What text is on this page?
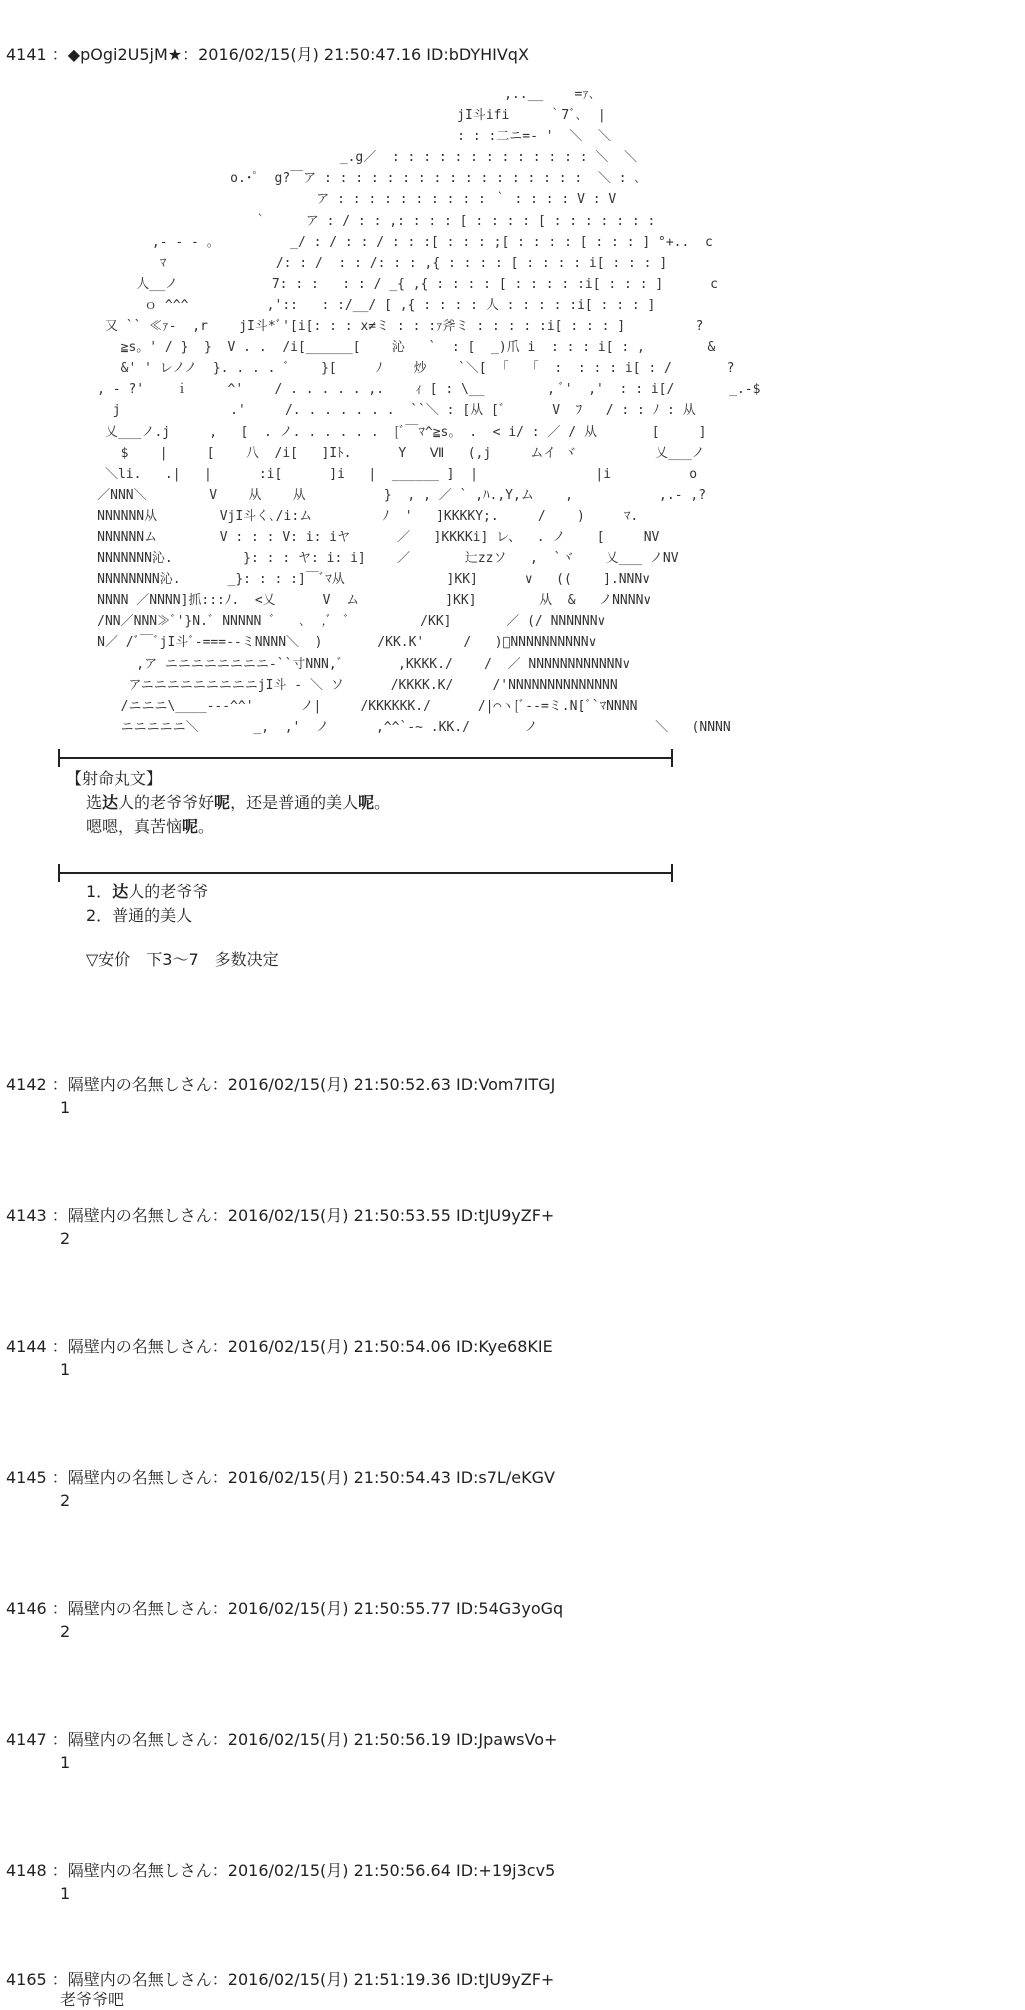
4141 ：◆pOgi2U5jM★：2016/02/15(月) 21:50:47.16 ID:bDYHIVqX
,..__    =ｧ､
jI斗ifi     ｀7ﾞ､  |
: : :二ニ=- '  ＼  ＼
_.g／  : : : : : : : : : : : : : ＼  ＼
o.･ﾟ  g?￣ア : : : : : : : : : : : : : : : : :  ＼ : ､
ア : : : : : : : : : : ｀ : : : : V : V
｀     ア : / : : ,: : : : [ : : : : [ : : : : : : :
,- ‐ - 。         _/ : / : : / : : :[ : : : ;[ : : : : [ : : : ] °+..  c
ﾏ              /: : /  : : /: : : ,{ : : : : [ : : : : i[ : : : ]
人__ノ            7: : :   : : / _{ ,{ : : : : [ : : : : :i[ : : : ]      c
ｏ ^^^          ,'::   : :/__/ [ ,{ : : : : 人 : : : : :i[ : : : ]
又 `` ≪ｧ-  ,r    jI斗*ﾞ'[i[: : : x≠ミ : : :ｧ斧ミ : : : : :i[ : : : ]         ?
≧s。' / }  }  V . .  /i[______[    沁   `  : [  _)爪 i  : : : i[ : ,        &
&' ' レノノ  }. . . . ﾞ    }[     ﾉ    炒    `＼[  ｢   ｢  :  : : : i[ : /       ?
, ‐ ?'    ｉ     ^'    / . . . . . ,.    ｨ [ : \__        , ﾞ'  ,'  : : i[/       _.‐$
j              .'     /. . . . . . .  ``＼ : [从 [ﾞ      V  ﾌ   / : : ﾉ : 从
乂___ノ.j     ,   [  . ノ. . . . . .  [ﾞ￣ﾏ^≧s。 .  < i/ : ／ / 从       [     ]
$    |     [    八  /i[   ]Iﾄ.      Y   Ⅶ   (,j     ムイ ヾ          乂___ノ
＼li.   .|   |      :i[      ]i   |  ______ ]  |               |i          o
／NNN＼        V    从    从          }  , , ／ ` ,ﾊ.,Y,ム    ,           ,.- ,?
NNNNNN从        VjI斗く､/i:ム         ﾉ  '   ]KKKKY;.     /    )     ﾏ.
NNNNNNム        V : : : V: i: iヤ      ／   ]KKKKi] レ、  . ノ    [     NV
NNNNNNN沁.         }: : : ヤ: i: i]    ／       辷zzソ   ,  `ヾ    乂___ ノNV
NNNNNNNN沁.      _}: : : :]￣ﾞﾏ从             ]KK]      ∨   ((    ].NNN∨
NNNN ／NNNN]抓:::ﾉ.  <乂      V  ム           ]KK]        从  &   ノNNNN∨
/NN／NNN≫ﾞ'}N.ﾞ NNNNN ﾞ   ､  ,ﾞ  ﾞ         /KK]       ／ (/ NNNNNN∨
N／ /ﾞ￣ﾞjI斗ﾞ-===--ミNNNN＼  )       /KK.K'     /   )ﾞNNNNNNNNNN∨
,ア ニニニニニニニニ-``寸NNN,ﾞ       ,KKKK./    /  ／ NNNNNNNNNNNN∨
アニニニニニニニニニjI斗 - ＼ ソ      /KKKK.K/     /'NNNNNNNNNNNNNN
/ニニニ\____‐--^^'      ノ|     /KKKKKK./      /|⌒ヽ[ﾞ--=ミ.N[ﾞ`ﾏNNNN
ニニニニニ＼       _,  ,'  ノ      ,^^`-~ .KK./       ノ               ＼   (NNNN
【射命丸文】
选达人的老爷爷好呢，还是普通的美人呢。
嗯嗯，真苦恼呢。
1．达人的老爷爷
2．普通的美人
▽安价　下3～7　多数决定
4142 ：隔壁内の名無しさん：2016/02/15(月) 21:50:52.63 ID:Vom7ITGJ
1
4143 ：隔壁内の名無しさん：2016/02/15(月) 21:50:53.55 ID:tJU9yZF+
2
4144 ：隔壁内の名無しさん：2016/02/15(月) 21:50:54.06 ID:Kye68KIE
1
4145 ：隔壁内の名無しさん：2016/02/15(月) 21:50:54.43 ID:s7L/eKGV
2
4146 ：隔壁内の名無しさん：2016/02/15(月) 21:50:55.77 ID:54G3yoGq
2
4147 ：隔壁内の名無しさん：2016/02/15(月) 21:50:56.19 ID:JpawsVo+
1
4148 ：隔壁内の名無しさん：2016/02/15(月) 21:50:56.64 ID:+19j3cv5
1
4165 ：隔壁内の名無しさん：2016/02/15(月) 21:51:19.36 ID:tJU9yZF+
老爷爷吧
